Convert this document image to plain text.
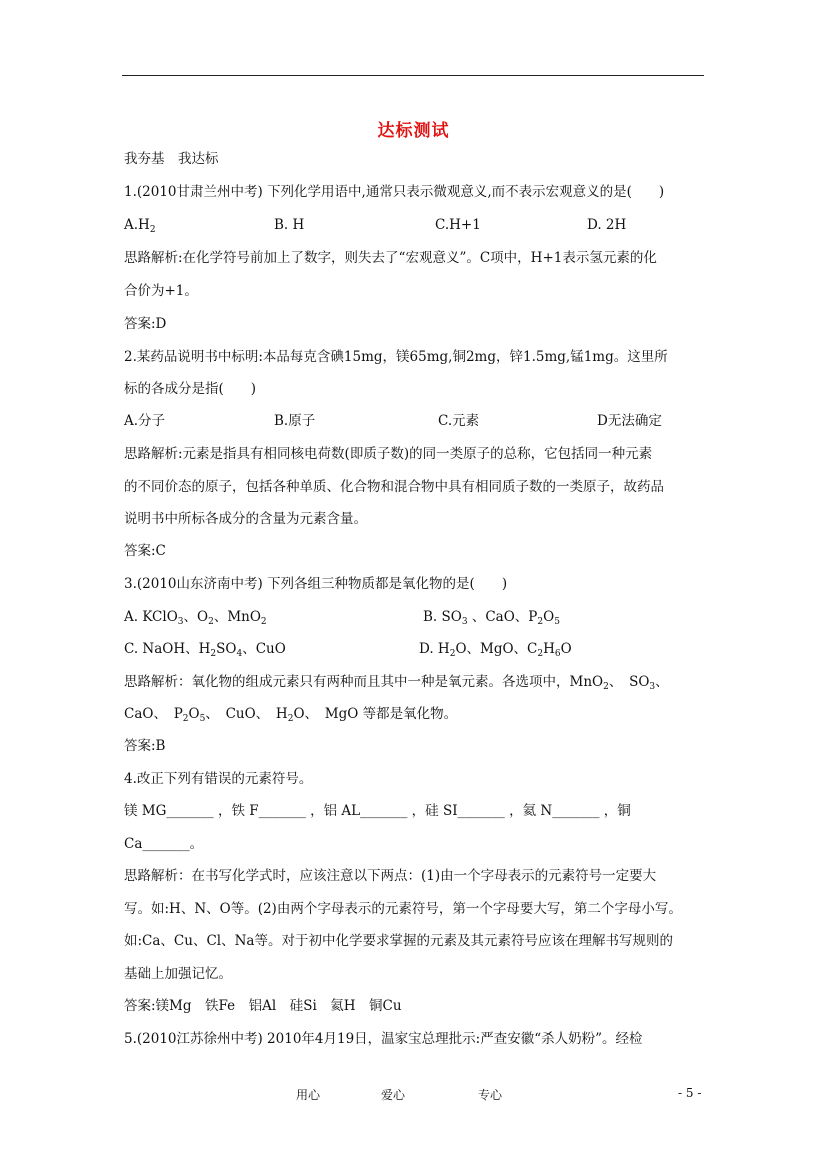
达标测试
我夯基　我达标
1.(2010甘肃兰州中考) 下列化学用语中,通常只表示微观意义,而不表示宏观意义的是(　　)
$A.H_2$	B. H	C.H+1	D. 2H
思路解析:在化学符号前加上了数字，则失去了“宏观意义”。C项中，H+1表示氢元素的化
合价为+1。
答案:D
2.某药品说明书中标明:本品每克含碘15mg，镁65mg,铜2mg，锌1.5mg,锰1mg。这里所
标的各成分是指(　　)
A.分子	B.原子	C.元素	D无法确定
思路解析:元素是指具有相同核电荷数(即质子数)的同一类原子的总称，它包括同一种元素
的不同价态的原子，包括各种单质、化合物和混合物中具有相同质子数的一类原子，故药品
说明书中所标各成分的含量为元素含量。
答案:C
3.(2010山东济南中考) 下列各组三种物质都是氧化物的是(　　)
A. KClO$_3$、$O_2$、MnO$_2$	B. $SO_3$ 、CaO、$P_2O_5$
C. NaOH、$H_2SO_4$、CuO	D. $H_2O$、MgO、$C_2H_6O$
思路解析：氧化物的组成元素只有两种而且其中一种是氧元素。各选项中，MnO$_2$、　$SO_3$、
CaO、　$P_2O_5$、　CuO、　$H_2O$、　MgO 等都是氧化物。
答案:B
4.改正下列有错误的元素符号。
镁 MG_______ ，铁 F_______ ，铝 AL_______ ，硅 SI_______ ，氦 N_______ ，铜
Ca_______。
思路解析：在书写化学式时，应该注意以下两点：(1)由一个字母表示的元素符号一定要大
写。如:H、N、O等。(2)由两个字母表示的元素符号，第一个字母要大写，第二个字母小写。
如:Ca、Cu、Cl、Na等。对于初中化学要求掌握的元素及其元素符号应该在理解书写规则的
基础上加强记忆。
答案:镁Mg　铁Fe　铝Al　硅Si　氦H　铜Cu
5.(2010江苏徐州中考) 2010年4月19日，温家宝总理批示:严查安徽“杀人奶粉”。经检
用心	爱心	专心	- 5 -
